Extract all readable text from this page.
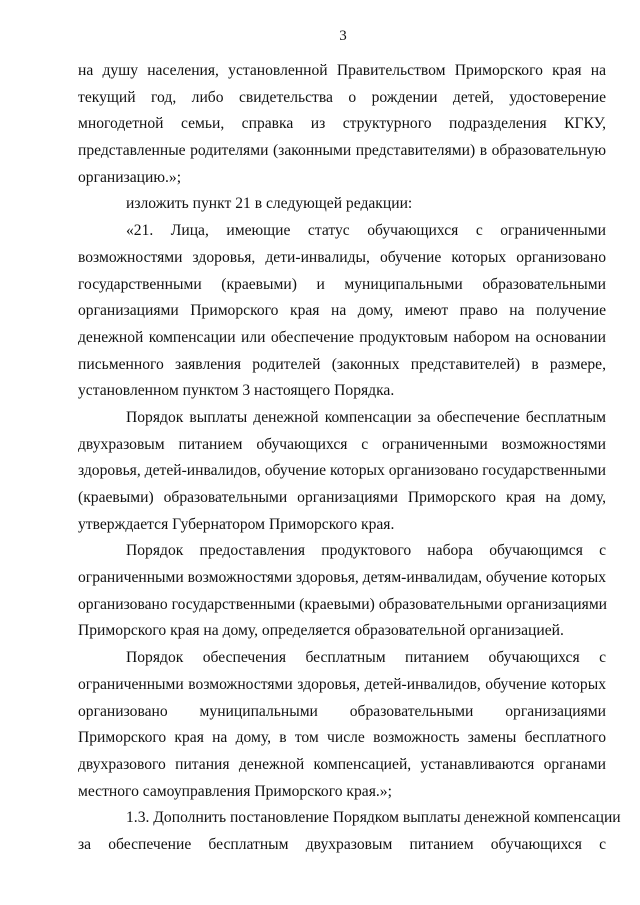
3
на душу населения, установленной Правительством Приморского края на
текущий год, либо свидетельства о рождении детей, удостоверение
многодетной семьи, справка из структурного подразделения КГКУ,
представленные родителями (законными представителями) в образовательную
организацию.»;
изложить пункт 21 в следующей редакции:
«21. Лица, имеющие статус обучающихся с ограниченными
возможностями здоровья, дети-инвалиды, обучение которых организовано
государственными (краевыми) и муниципальными образовательными
организациями Приморского края на дому, имеют право на получение
денежной компенсации или обеспечение продуктовым набором на основании
письменного заявления родителей (законных представителей) в размере,
установленном пунктом 3 настоящего Порядка.
Порядок выплаты денежной компенсации за обеспечение бесплатным
двухразовым питанием обучающихся с ограниченными возможностями
здоровья, детей-инвалидов, обучение которых организовано государственными
(краевыми) образовательными организациями Приморского края на дому,
утверждается Губернатором Приморского края.
Порядок предоставления продуктового набора обучающимся с
ограниченными возможностями здоровья, детям-инвалидам, обучение которых
организовано государственными (краевыми) образовательными организациями
Приморского края на дому, определяется образовательной организацией.
Порядок обеспечения бесплатным питанием обучающихся с
ограниченными возможностями здоровья, детей-инвалидов, обучение которых
организовано муниципальными образовательными организациями
Приморского края на дому, в том числе возможность замены бесплатного
двухразового питания денежной компенсацией, устанавливаются органами
местного самоуправления Приморского края.»;
1.3. Дополнить постановление Порядком выплаты денежной компенсации
за обеспечение бесплатным двухразовым питанием обучающихся с
